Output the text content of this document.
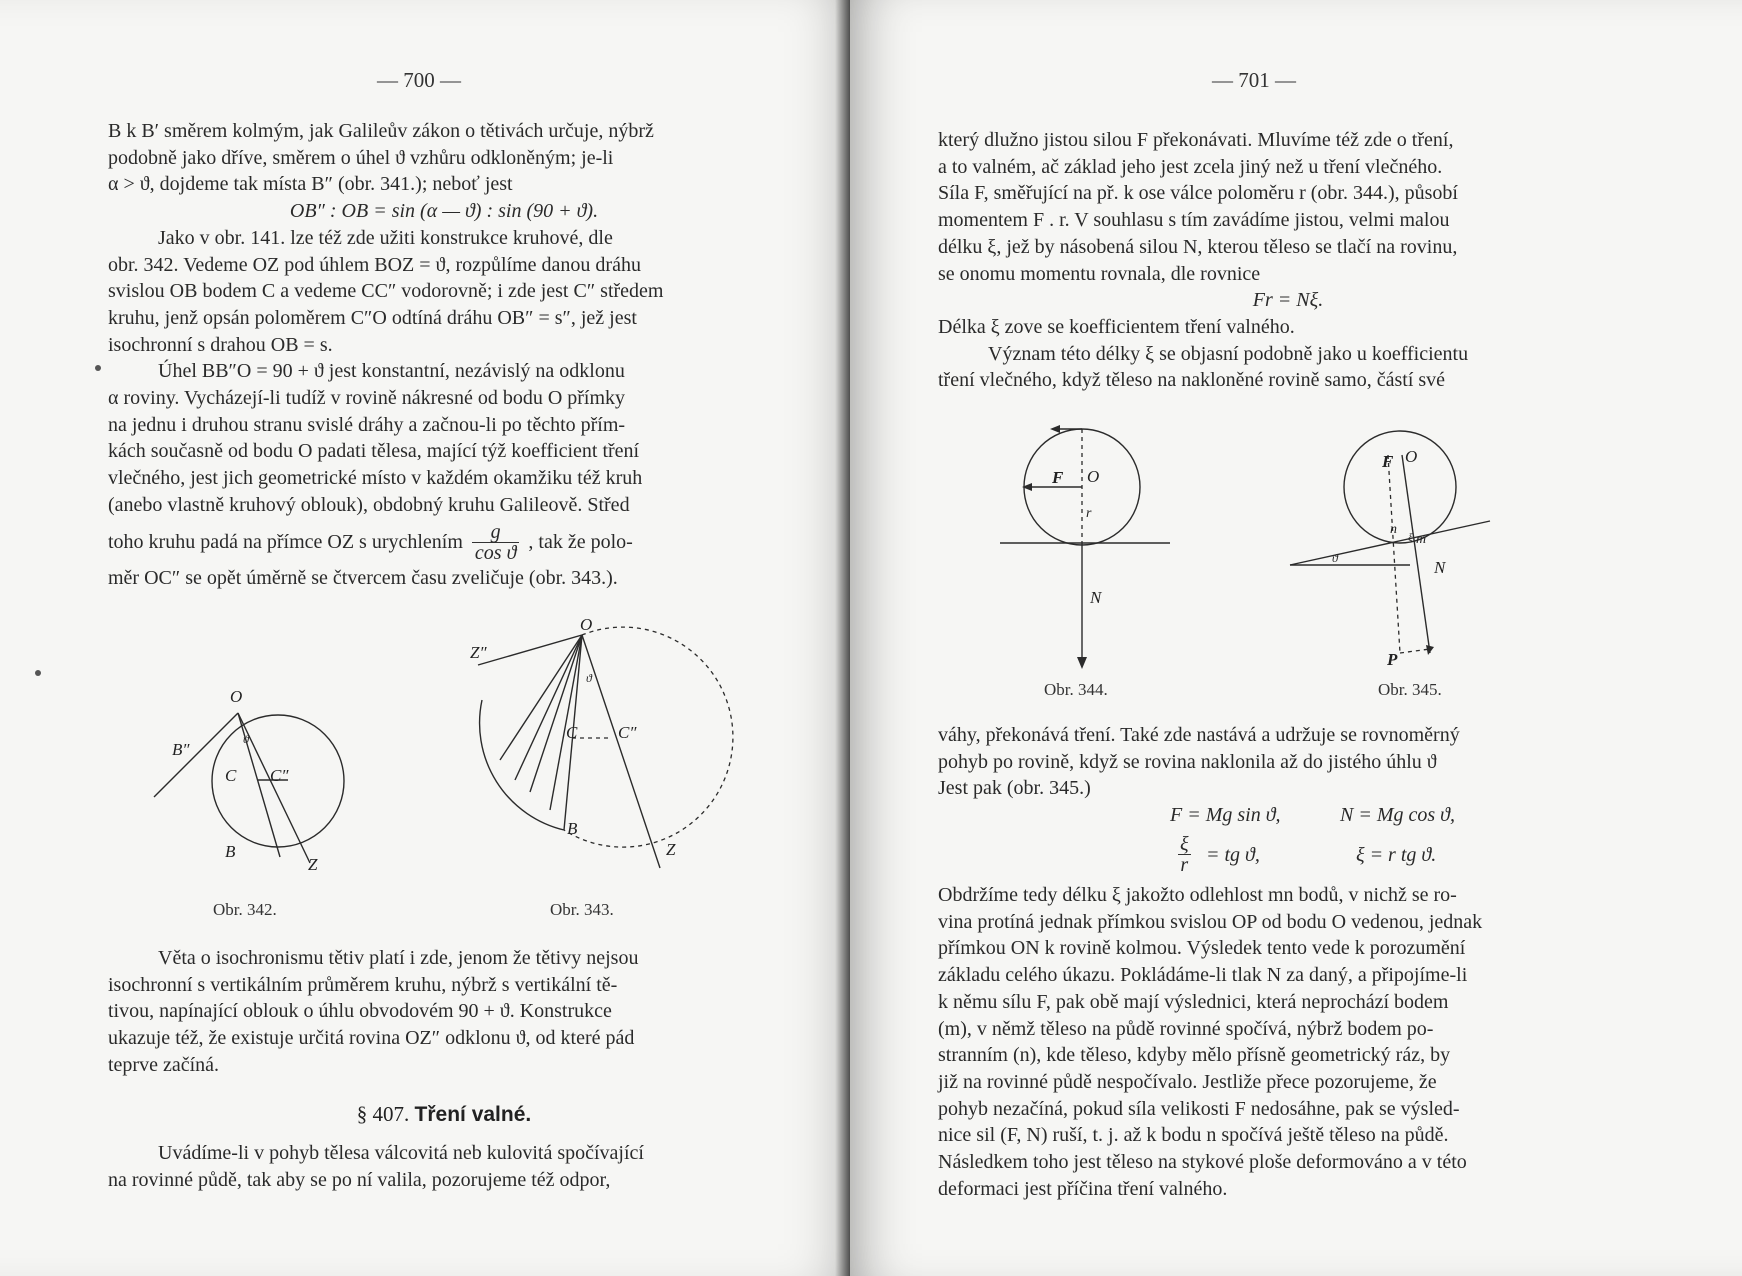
— 700 —

B k B′ směrem kolmým, jak Galileův zákon o tětivách určuje, nýbrž

podobně jako dříve, směrem o úhel ϑ vzhůru odkloněným; je-li

α > ϑ, dojdeme tak místa B″ (obr. 341.); neboť jest

OB″ : OB = sin (α — ϑ) : sin (90 + ϑ).

Jako v obr. 141. lze též zde užiti konstrukce kruhové, dle

obr. 342. Vedeme OZ pod úhlem BOZ = ϑ, rozpůlíme danou dráhu

svislou OB bodem C a vedeme CC″ vodorovně; i zde jest C″ středem

kruhu, jenž opsán poloměrem C″O odtíná dráhu OB″ = s″, jež jest

isochronní s drahou OB = s.

Úhel BB″O = 90 + ϑ jest konstantní, nezávislý na odklonu

α roviny. Vycházejí-li tudíž v rovině nákresné od bodu O přímky

na jednu i druhou stranu svislé dráhy a začnou-li po těchto přím-

kách současně od bodu O padati tělesa, mající týž koefficient tření

vlečného, jest jich geometrické místo v každém okamžiku též kruh

(anebo vlastně kruhový oblouk), obdobný kruhu Galileově. Střed

toho kruhu padá na přímce OZ s urychlením $\frac{g}{\text{cos ϑ}}$ , tak že polo-

měr OC″ se opět úměrně se čtvercem času zveličuje (obr. 343.).

O
B″
ϑ
C C″
B
Z
Obr. 342.
O
Z″
ϑ
C C″
B
Z
Obr. 343.

Věta o isochronismu tětiv platí i zde, jenom že tětivy nejsou

isochronní s vertikálním průměrem kruhu, nýbrž s vertikální tě-

tivou, napínající oblouk o úhlu obvodovém 90 + ϑ. Konstrukce

ukazuje též, že existuje určitá rovina OZ″ odklonu ϑ, od které pád

teprve začíná.

§ 407. Tření valné.

Uvádíme-li v pohyb tělesa válcovitá neb kulovitá spočívající

na rovinné půdě, tak aby se po ní valila, pozorujeme též odpor,

— 701 —

který dlužno jistou silou F překonávati. Mluvíme též zde o tření,

a to valném, ač základ jeho jest zcela jiný než u tření vlečného.

Síla F, směřující na př. k ose válce poloměru r (obr. 344.), působí

momentem F . r. V souhlasu s tím zavádíme jistou, velmi malou

délku ξ, jež by násobená silou N, kterou těleso se tlačí na rovinu,

se onomu momentu rovnala, dle rovnice

Fr = Nξ.

Délka ξ zove se koefficientem tření valného.

Význam této délky ξ se objasní podobně jako u koefficientu

tření vlečného, když těleso na nakloněné rovině samo, částí své

F O
r
N
Obr. 344.
F O
n
ξ m
ϑ	N
P
Obr. 345.

váhy, překonává tření. Také zde nastává a udržuje se rovnoměrný

pohyb po rovině, když se rovina naklonila až do jistého úhlu ϑ

Jest pak (obr. 345.)

F = Mg sin ϑ,	N = Mg cos ϑ,
ξ
r = tg ϑ,	ξ = r tg ϑ.

Obdržíme tedy délku ξ jakožto odlehlost mn bodů, v nichž se ro-

vina protíná jednak přímkou svislou OP od bodu O vedenou, jednak

přímkou ON k rovině kolmou. Výsledek tento vede k porozumění

základu celého úkazu. Pokládáme-li tlak N za daný, a připojíme-li

k němu sílu F, pak obě mají výslednici, která neprochází bodem

(m), v němž těleso na půdě rovinné spočívá, nýbrž bodem po-

stranním (n), kde těleso, kdyby mělo přísně geometrický ráz, by

již na rovinné půdě nespočívalo. Jestliže přece pozorujeme, že

pohyb nezačíná, pokud síla velikosti F nedosáhne, pak se výsled-

nice sil (F, N) ruší, t. j. až k bodu n spočívá ještě těleso na půdě.

Následkem toho jest těleso na stykové ploše deformováno a v této

deformaci jest příčina tření valného.
